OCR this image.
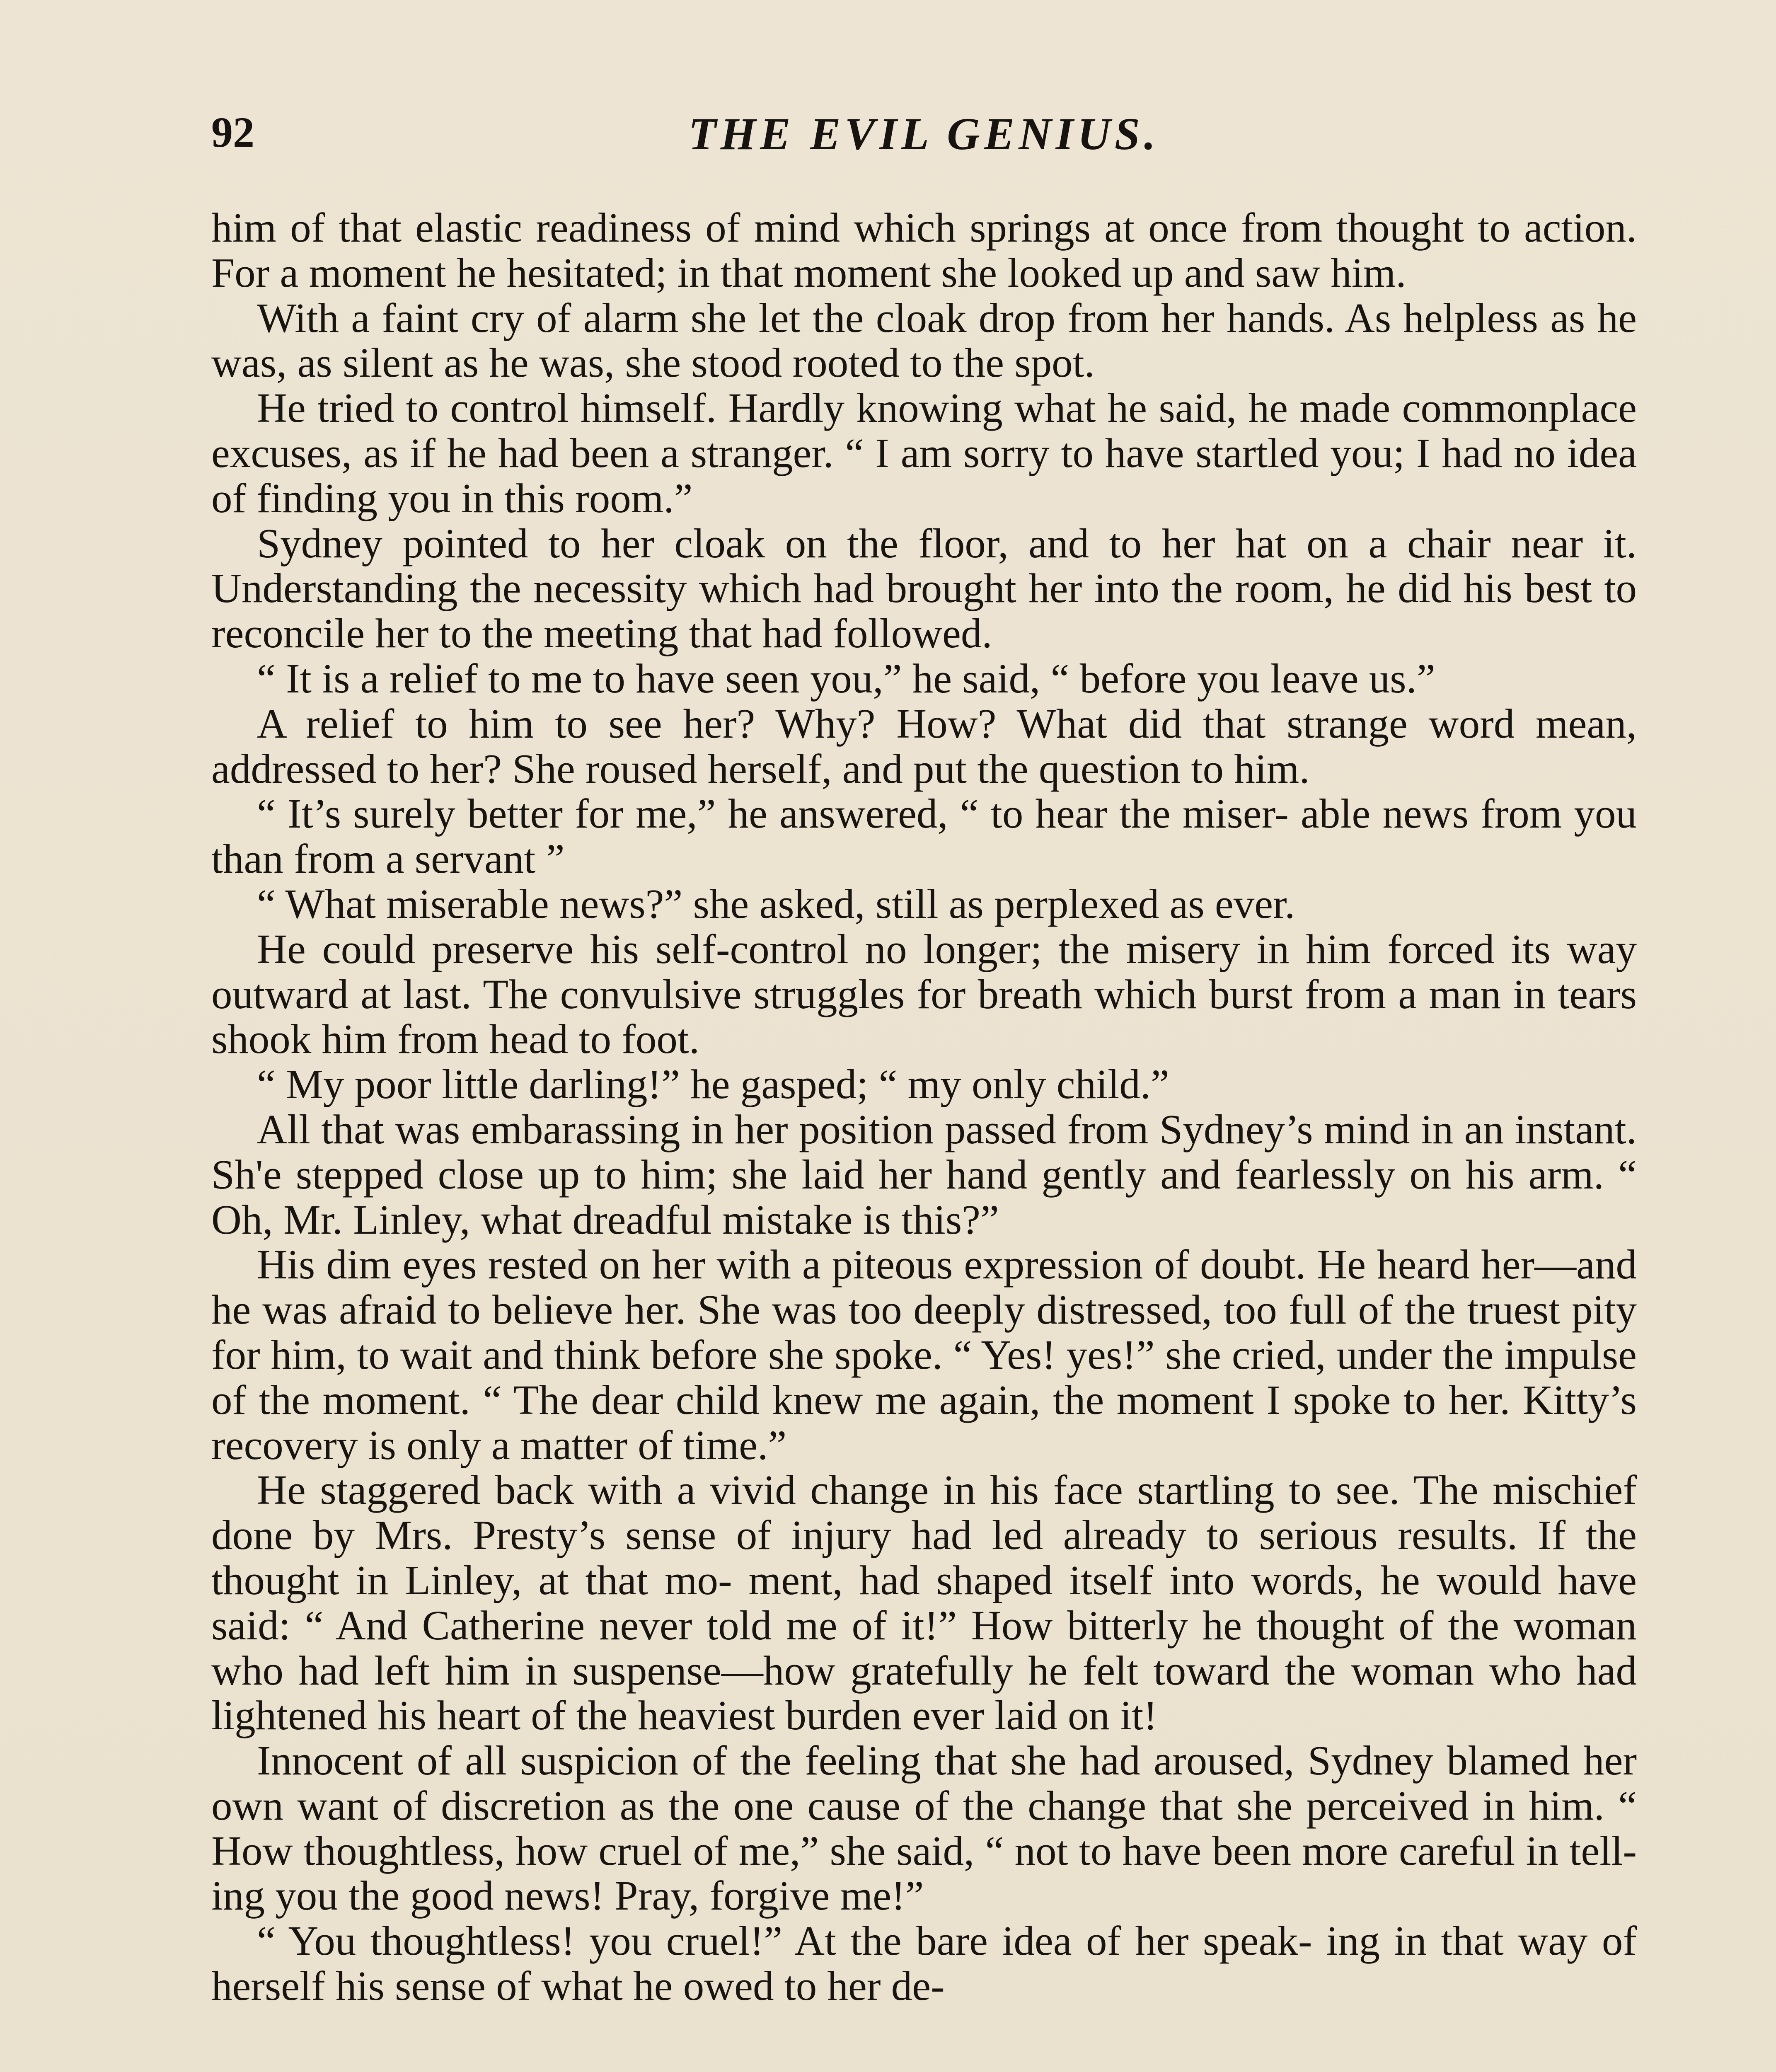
92	THE EVIL GENIUS.

him of that elastic readiness of mind which springs at once from thought to action. For a moment he hesitated; in that moment she looked up and saw him.

With a faint cry of alarm she let the cloak drop from her hands. As helpless as he was, as silent as he was, she stood rooted to the spot.

He tried to control himself. Hardly knowing what he said, he made commonplace excuses, as if he had been a stranger. “ I am sorry to have startled you; I had no idea of finding you in this room.”

Sydney pointed to her cloak on the floor, and to her hat on a chair near it. Understanding the necessity which had brought her into the room, he did his best to reconcile her to the meeting that had followed.

“ It is a relief to me to have seen you,” he said, “ before you leave us.”

A relief to him to see her? Why? How? What did that strange word mean, addressed to her? She roused herself, and put the question to him.

“ It’s surely better for me,” he answered, “ to hear the miser- able news from you than from a servant ”

“ What miserable news?” she asked, still as perplexed as ever.

He could preserve his self-control no longer; the misery in him forced its way outward at last. The convulsive struggles for breath which burst from a man in tears shook him from head to foot.

“ My poor little darling!” he gasped; “ my only child.”

All that was embarassing in her position passed from Sydney’s mind in an instant. Sh'e stepped close up to him; she laid her hand gently and fearlessly on his arm. “ Oh, Mr. Linley, what dreadful mistake is this?”

His dim eyes rested on her with a piteous expression of doubt. He heard her—and he was afraid to believe her. She was too deeply distressed, too full of the truest pity for him, to wait and think before she spoke. “ Yes! yes!” she cried, under the impulse of the moment. “ The dear child knew me again, the moment I spoke to her. Kitty’s recovery is only a matter of time.”

He staggered back with a vivid change in his face startling to see. The mischief done by Mrs. Presty’s sense of injury had led already to serious results. If the thought in Linley, at that mo- ment, had shaped itself into words, he would have said: “ And Catherine never told me of it!” How bitterly he thought of the woman who had left him in suspense—how gratefully he felt toward the woman who had lightened his heart of the heaviest burden ever laid on it!

Innocent of all suspicion of the feeling that she had aroused, Sydney blamed her own want of discretion as the one cause of the change that she perceived in him. “ How thoughtless, how cruel of me,” she said, “ not to have been more careful in tell- ing you the good news! Pray, forgive me!”

“ You thoughtless! you cruel!” At the bare idea of her speak- ing in that way of herself his sense of what he owed to her de-
